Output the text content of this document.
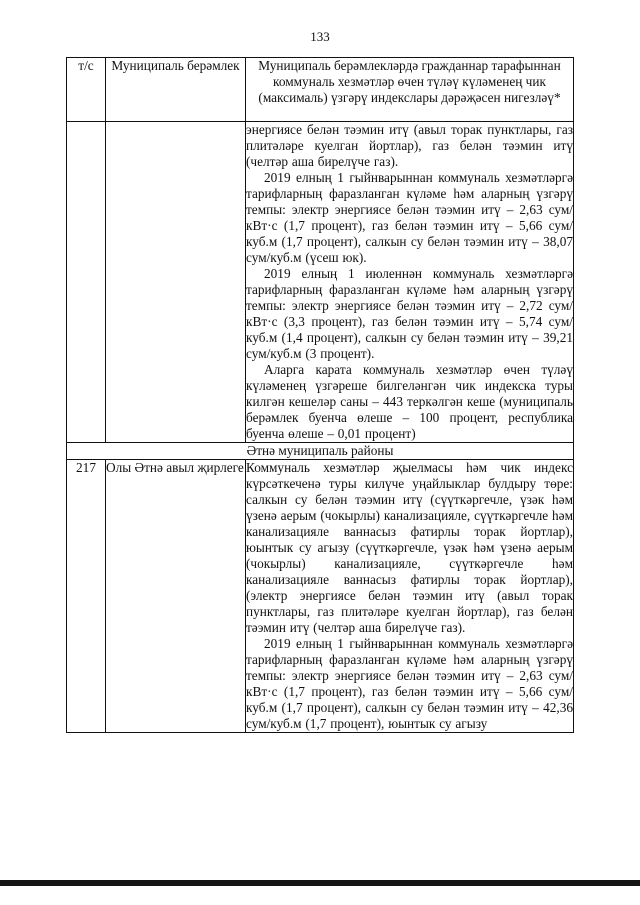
133
т/с	Муниципаль берәмлек	Муниципаль берәмлекләрдә гражданнар тарафыннан коммуналь хезмәтләр өчен түләү күләменең чик (максималь) үзгәрү индекслары дәрәҗәсен нигезләү*

		энергиясе белән тәэмин итү (авыл торак пунктлары, газ плитәләре куелган йортлар), газ белән тәэмин итү (челтәр аша бирелүче газ).

2019 елның 1 гыйнварыннан коммуналь хезмәтләргә тарифларның фаразланган күләме һәм аларның үзгәрү темпы: электр энергиясе белән тәэмин итү – 2,63 сум/кВт·с (1,7 процент), газ белән тәэмин итү – 5,66 сум/куб.м (1,7 процент), салкын су белән тәэмин итү – 38,07 сум/куб.м (үсеш юк).

2019 елның 1 июленнән коммуналь хезмәтләргә тарифларның фаразланган күләме һәм аларның үзгәрү темпы: электр энергиясе белән тәэмин итү – 2,72 сум/кВт·с (3,3 процент), газ белән тәэмин итү – 5,74 сум/куб.м (1,4 процент), салкын су белән тәэмин итү – 39,21 сум/куб.м (3 процент).

Аларга карата коммуналь хезмәтләр өчен түләү күләменең үзгәреше билгеләнгән чик индекска туры килгән кешеләр саны – 443 теркәлгән кеше (муниципаль берәмлек буенча өлеше – 100 процент, республика буенча өлеше – 0,01 процент)

Әтнә муниципаль районы		
217	Олы Әтнә авыл җирлеге	Коммуналь хезмәтләр җыелмасы һәм чик индекс күрсәткеченә туры килүче уңайлыклар булдыру төре: салкын су белән тәэмин итү (сүүткәргечле, үзәк һәм үзенә аерым (чокырлы) канализацияле, сүүткәргечле һәм канализацияле ваннасыз фатирлы торак йортлар), юынтык су агызу (сүүткәргечле, үзәк һәм үзенә аерым (чокырлы) канализацияле, сүүткәргечле һәм канализацияле ваннасыз фатирлы торак йортлар), (электр энергиясе белән тәэмин итү (авыл торак пунктлары, газ плитәләре куелган йортлар), газ белән тәэмин итү (челтәр аша бирелүче газ).

2019 елның 1 гыйнварыннан коммуналь хезмәтләргә тарифларның фаразланган күләме һәм аларның үзгәрү темпы: электр энергиясе белән тәэмин итү – 2,63 сум/кВт·с (1,7 процент), газ белән тәэмин итү – 5,66 сум/куб.м (1,7 процент), салкын су белән тәэмин итү – 42,36 сум/куб.м (1,7 процент), юынтык су агызу
